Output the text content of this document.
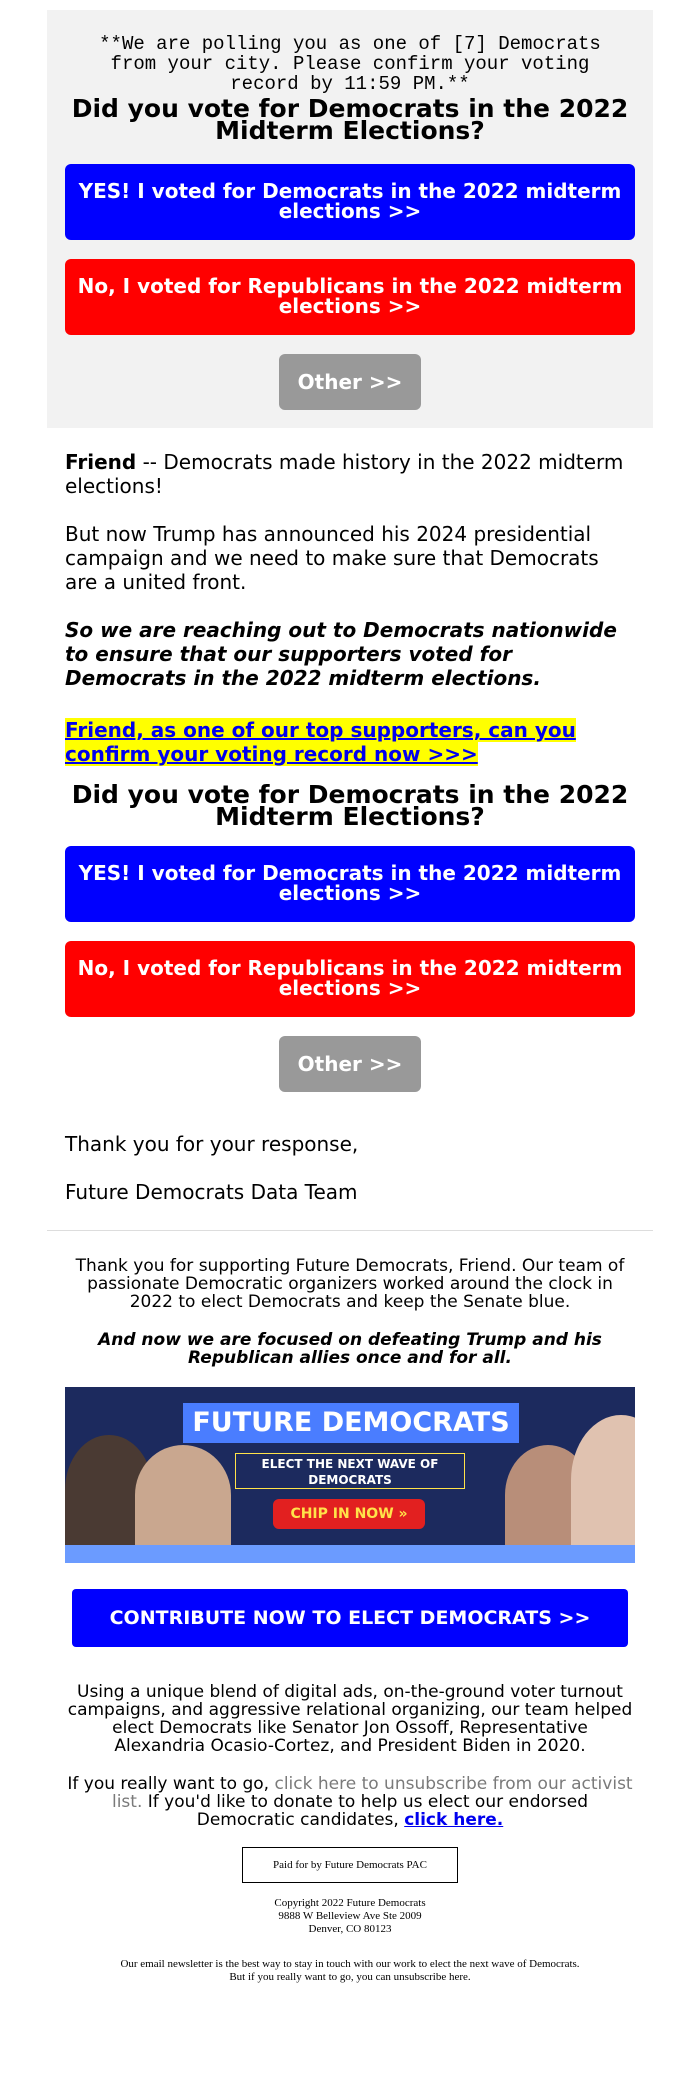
**We are polling you as one of [7] Democrats from your city. Please confirm your voting record by 11:59 PM.**
Did you vote for Democrats in the 2022 Midterm Elections?
YES! I voted for Democrats in the 2022 midterm elections >>
No, I voted for Republicans in the 2022 midterm elections >>
Other >>

Friend -- Democrats made history in the 2022 midterm elections!

But now Trump has announced his 2024 presidential campaign and we need to make sure that Democrats are a united front.

So we are reaching out to Democrats nationwide to ensure that our supporters voted for Democrats in the 2022 midterm elections.

Friend, as one of our top supporters, can you confirm your voting record now >>>
Did you vote for Democrats in the 2022 Midterm Elections?
YES! I voted for Democrats in the 2022 midterm elections >>
No, I voted for Republicans in the 2022 midterm elections >>
Other >>

Thank you for your response,

Future Democrats Data Team

Thank you for supporting Future Democrats, Friend. Our team of passionate Democratic organizers worked around the clock in 2022 to elect Democrats and keep the Senate blue.

And now we are focused on defeating Trump and his Republican allies once and for all.

FUTURE DEMOCRATS
ELECT THE NEXT WAVE OF DEMOCRATS
CHIP IN NOW »
CONTRIBUTE NOW TO ELECT DEMOCRATS >>

Using a unique blend of digital ads, on-the-ground voter turnout campaigns, and aggressive relational organizing, our team helped elect Democrats like Senator Jon Ossoff, Representative Alexandria Ocasio-Cortez, and President Biden in 2020.

If you really want to go, click here to unsubscribe from our activist list. If you'd like to donate to help us elect our endorsed Democratic candidates, click here.

Paid for by Future Democrats PAC
Copyright 2022 Future Democrats
9888 W Belleview Ave Ste 2009
Denver, CO 80123
Our email newsletter is the best way to stay in touch with our work to elect the next wave of Democrats.
But if you really want to go, you can unsubscribe here.
